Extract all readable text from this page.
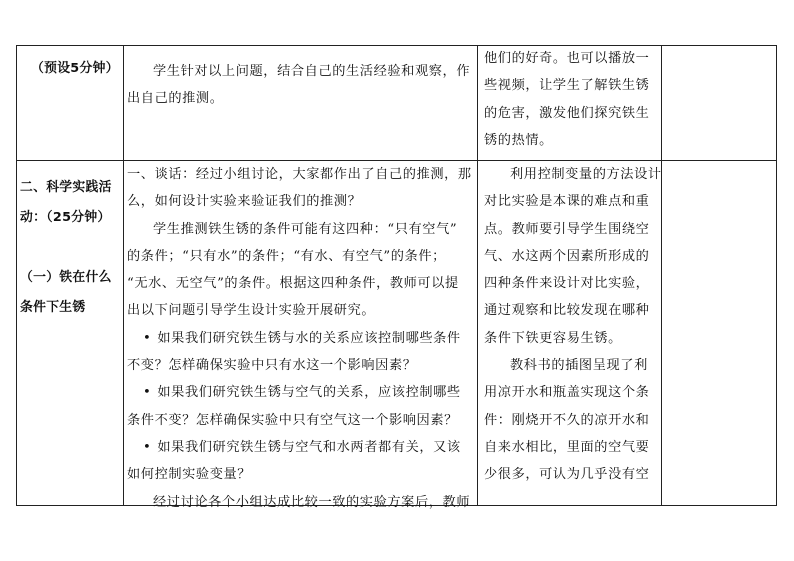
（预设5分钟）	学生针对以上问题，结合自己的生活经验和观察，作

出自己的推测。

他们的好奇。也可以播放一

些视频，让学生了解铁生锈

的危害，激发他们探究铁生

锈的热情。

二、科学实践活

动：（25分钟）

（一）铁在什么

条件下生锈

一、谈话：经过小组讨论，大家都作出了自己的推测，那

么，如何设计实验来验证我们的推测？

学生推测铁生锈的条件可能有这四种：“只有空气”

的条件；“只有水”的条件；“有水、有空气”的条件；

“无水、无空气”的条件。根据这四种条件，教师可以提

出以下问题引导学生设计实验开展研究。

• 如果我们研究铁生锈与水的关系应该控制哪些条件

不变？怎样确保实验中只有水这一个影响因素？

• 如果我们研究铁生锈与空气的关系，应该控制哪些

条件不变？怎样确保实验中只有空气这一个影响因素？

• 如果我们研究铁生锈与空气和水两者都有关，又该

如何控制实验变量？

经过讨论各个小组达成比较一致的实验方案后，教师

利用控制变量的方法设计

对比实验是本课的难点和重

点。教师要引导学生围绕空

气、水这两个因素所形成的

四种条件来设计对比实验，

通过观察和比较发现在哪种

条件下铁更容易生锈。

教科书的插图呈现了利

用凉开水和瓶盖实现这个条

件：刚烧开不久的凉开水和

自来水相比，里面的空气要

少很多，可认为几乎没有空
